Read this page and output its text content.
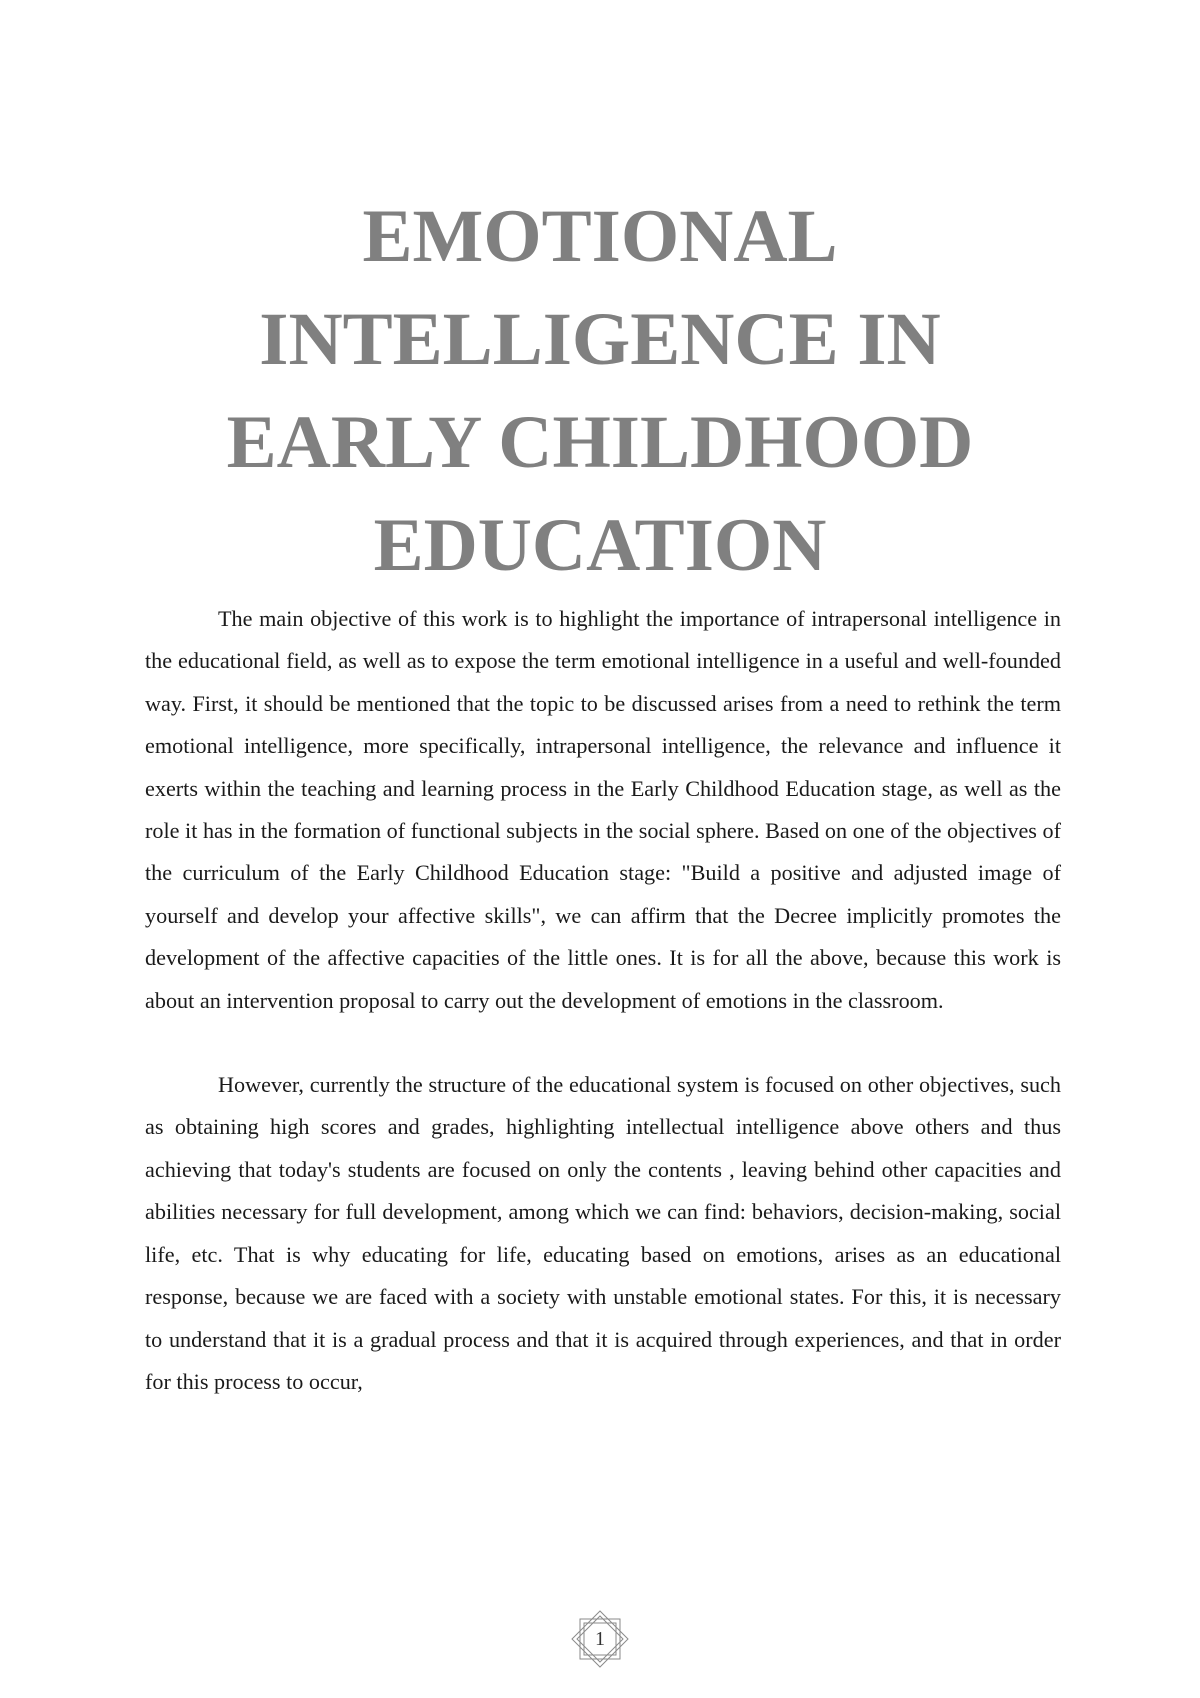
EMOTIONAL INTELLIGENCE IN EARLY CHILDHOOD EDUCATION

The main objective of this work is to highlight the importance of intrapersonal intelligence in the educational field, as well as to expose the term emotional intelligence in a useful and well-founded way. First, it should be mentioned that the topic to be discussed arises from a need to rethink the term emotional intelligence, more specifically, intrapersonal intelligence, the relevance and influence it exerts within the teaching and learning process in the Early Childhood Education stage, as well as the role it has in the formation of functional subjects in the social sphere. Based on one of the objectives of the curriculum of the Early Childhood Education stage: "Build a positive and adjusted image of yourself and develop your affective skills", we can affirm that the Decree implicitly promotes the development of the affective capacities of the little ones. It is for all the above, because this work is about an intervention proposal to carry out the development of emotions in the classroom.

However, currently the structure of the educational system is focused on other objectives, such as obtaining high scores and grades, highlighting intellectual intelligence above others and thus achieving that today's students are focused on only the contents , leaving behind other capacities and abilities necessary for full development, among which we can find: behaviors, decision-making, social life, etc. That is why educating for life, educating based on emotions, arises as an educational response, because we are faced with a society with unstable emotional states. For this, it is necessary to understand that it is a gradual process and that it is acquired through experiences, and that in order for this process to occur,

1
